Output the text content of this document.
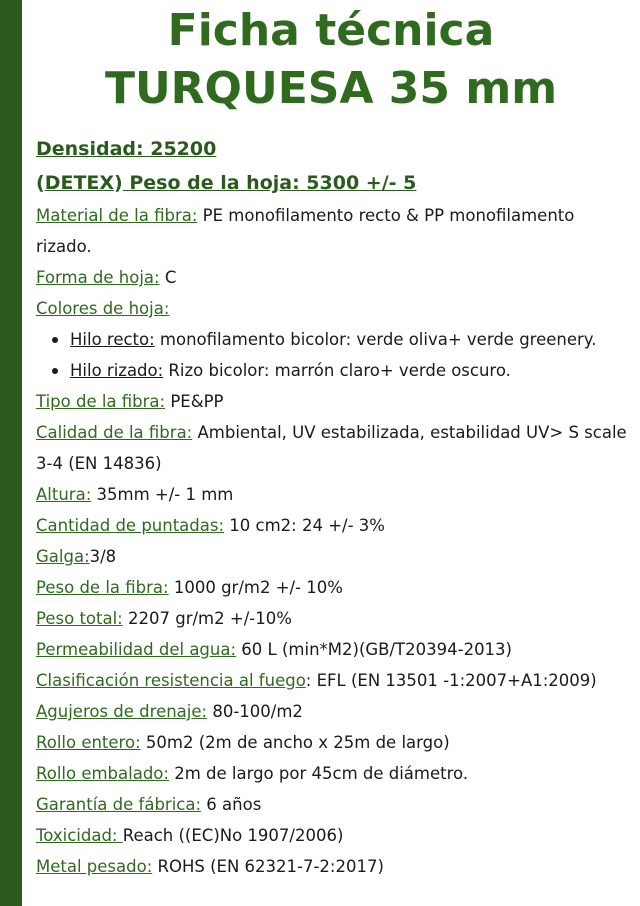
Ficha técnica
TURQUESA 35 mm
Densidad: 25200
(DETEX) Peso de la hoja: 5300 +/- 5
Material de la fibra: PE monofilamento recto & PP monofilamento rizado.
Forma de hoja: C
Colores de hoja:
Hilo recto: monofilamento bicolor: verde oliva+ verde greenery.
Hilo rizado: Rizo bicolor: marrón claro+ verde oscuro.
Tipo de la fibra: PE&PP
Calidad de la fibra: Ambiental, UV estabilizada, estabilidad UV> S scale 3-4 (EN 14836)
Altura: 35mm +/- 1 mm
Cantidad de puntadas: 10 cm2: 24 +/- 3%
Galga:3/8
Peso de la fibra: 1000 gr/m2 +/- 10%
Peso total: 2207 gr/m2 +/-10%
Permeabilidad del agua: 60 L (min*M2)(GB/T20394-2013)
Clasificación resistencia al fuego: EFL (EN 13501 -1:2007+A1:2009)
Agujeros de drenaje: 80-100/m2
Rollo entero: 50m2 (2m de ancho x 25m de largo)
Rollo embalado: 2m de largo por 45cm de diámetro.
Garantía de fábrica: 6 años
Toxicidad: Reach ((EC)No 1907/2006)
Metal pesado: ROHS (EN 62321-7-2:2017)
